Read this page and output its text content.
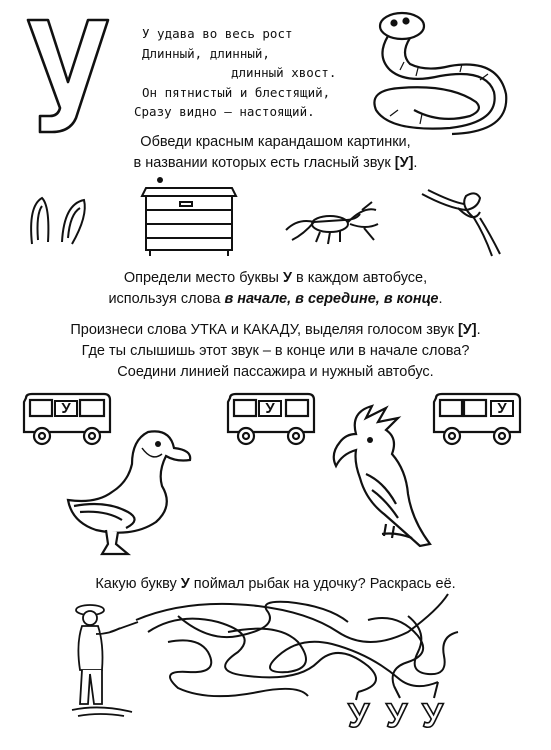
У удава во весь рост
Длинный, длинный,
длинный хвост.
Он пятнистый и блестящий,
Сразу видно — настоящий.
Обведи красным карандашом картинки,
в названии которых есть гласный звук [У].
Определи место буквы У в каждом автобусе,
используя слова в начале, в середине, в конце.
Произнеси слова УТКА и КАКАДУ, выделяя голосом звук [У].
Где ты слышишь этот звук – в конце или в начале слова?
Соедини линией пассажира и нужный автобус.
У	У	У
Какую букву У поймал рыбак на удочку? Раскрась её.
У У У
